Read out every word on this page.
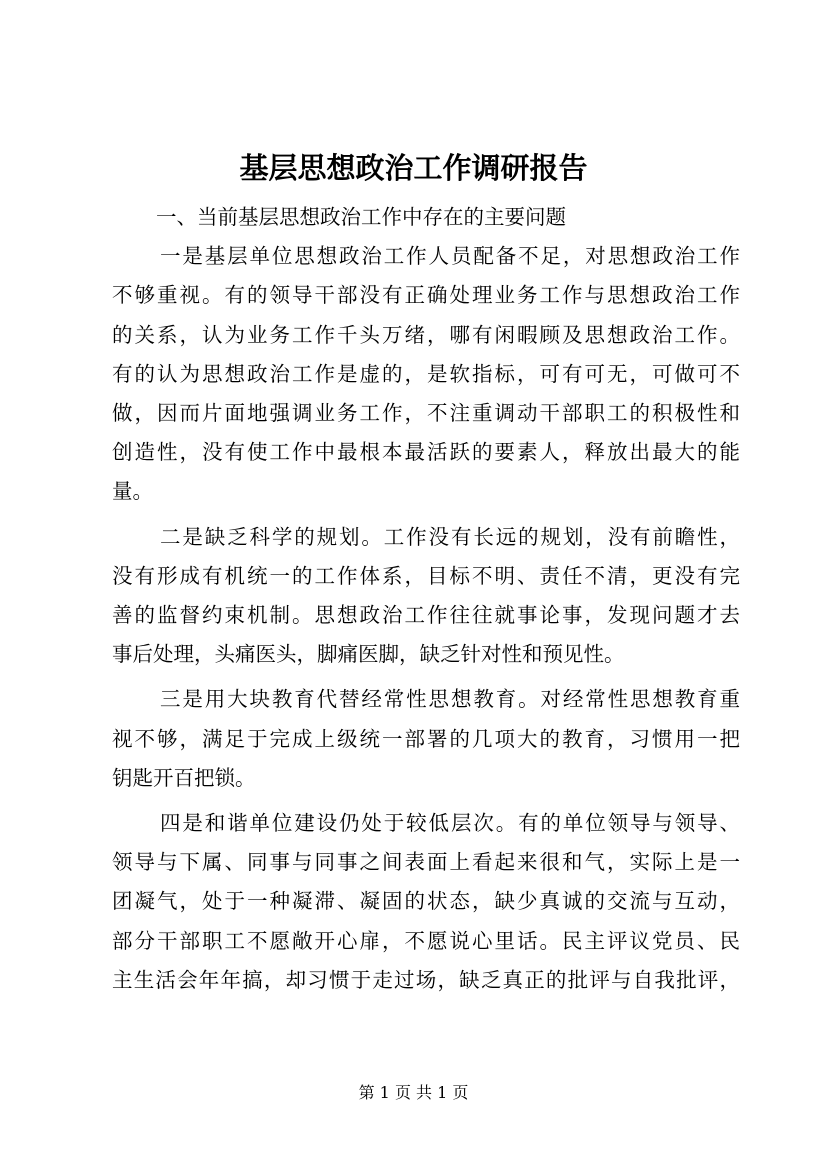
基层思想政治工作调研报告

一、当前基层思想政治工作中存在的主要问题

一是基层单位思想政治工作人员配备不足，对思想政治工作
不够重视。有的领导干部没有正确处理业务工作与思想政治工作
的关系，认为业务工作千头万绪，哪有闲暇顾及思想政治工作。
有的认为思想政治工作是虚的，是软指标，可有可无，可做可不
做，因而片面地强调业务工作，不注重调动干部职工的积极性和
创造性，没有使工作中最根本最活跃的要素人，释放出最大的能
量。
二是缺乏科学的规划。工作没有长远的规划，没有前瞻性，
没有形成有机统一的工作体系，目标不明、责任不清，更没有完
善的监督约束机制。思想政治工作往往就事论事，发现问题才去
事后处理，头痛医头，脚痛医脚，缺乏针对性和预见性。
三是用大块教育代替经常性思想教育。对经常性思想教育重
视不够，满足于完成上级统一部署的几项大的教育，习惯用一把
钥匙开百把锁。
四是和谐单位建设仍处于较低层次。有的单位领导与领导、
领导与下属、同事与同事之间表面上看起来很和气，实际上是一
团凝气，处于一种凝滞、凝固的状态，缺少真诚的交流与互动，
部分干部职工不愿敞开心扉，不愿说心里话。民主评议党员、民
主生活会年年搞，却习惯于走过场，缺乏真正的批评与自我批评，
第 1 页 共 1 页
